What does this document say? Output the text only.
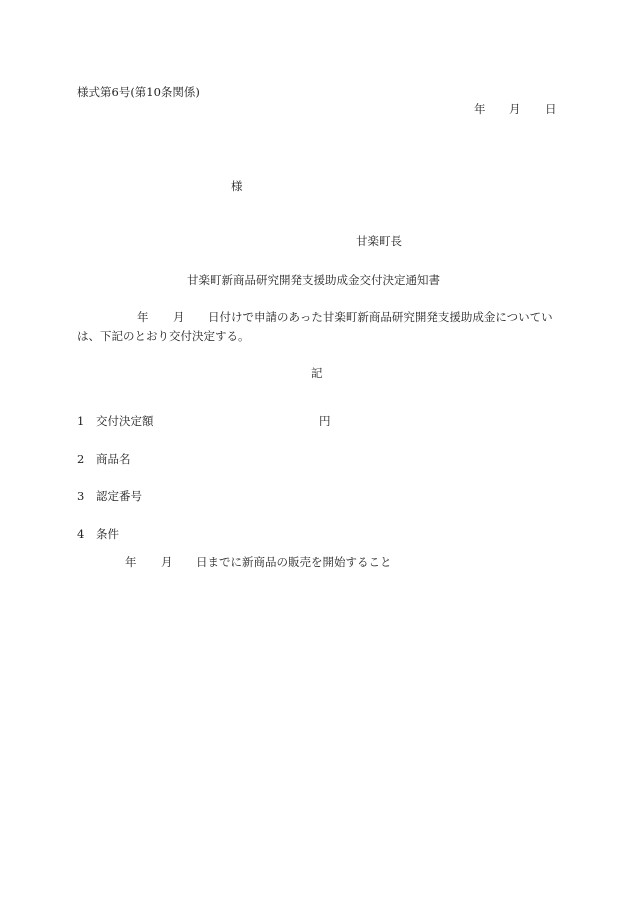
様式第6号(第10条関係)
年 月 日
様
甘楽町長
甘楽町新商品研究開発支援助成金交付決定通知書
年 月 日付けで申請のあった甘楽町新商品研究開発支援助成金についてい
は、下記のとおり交付決定する。
記
1 交付決定額	円
2 商品名
3 認定番号
4 条件
年 月 日までに新商品の販売を開始すること
